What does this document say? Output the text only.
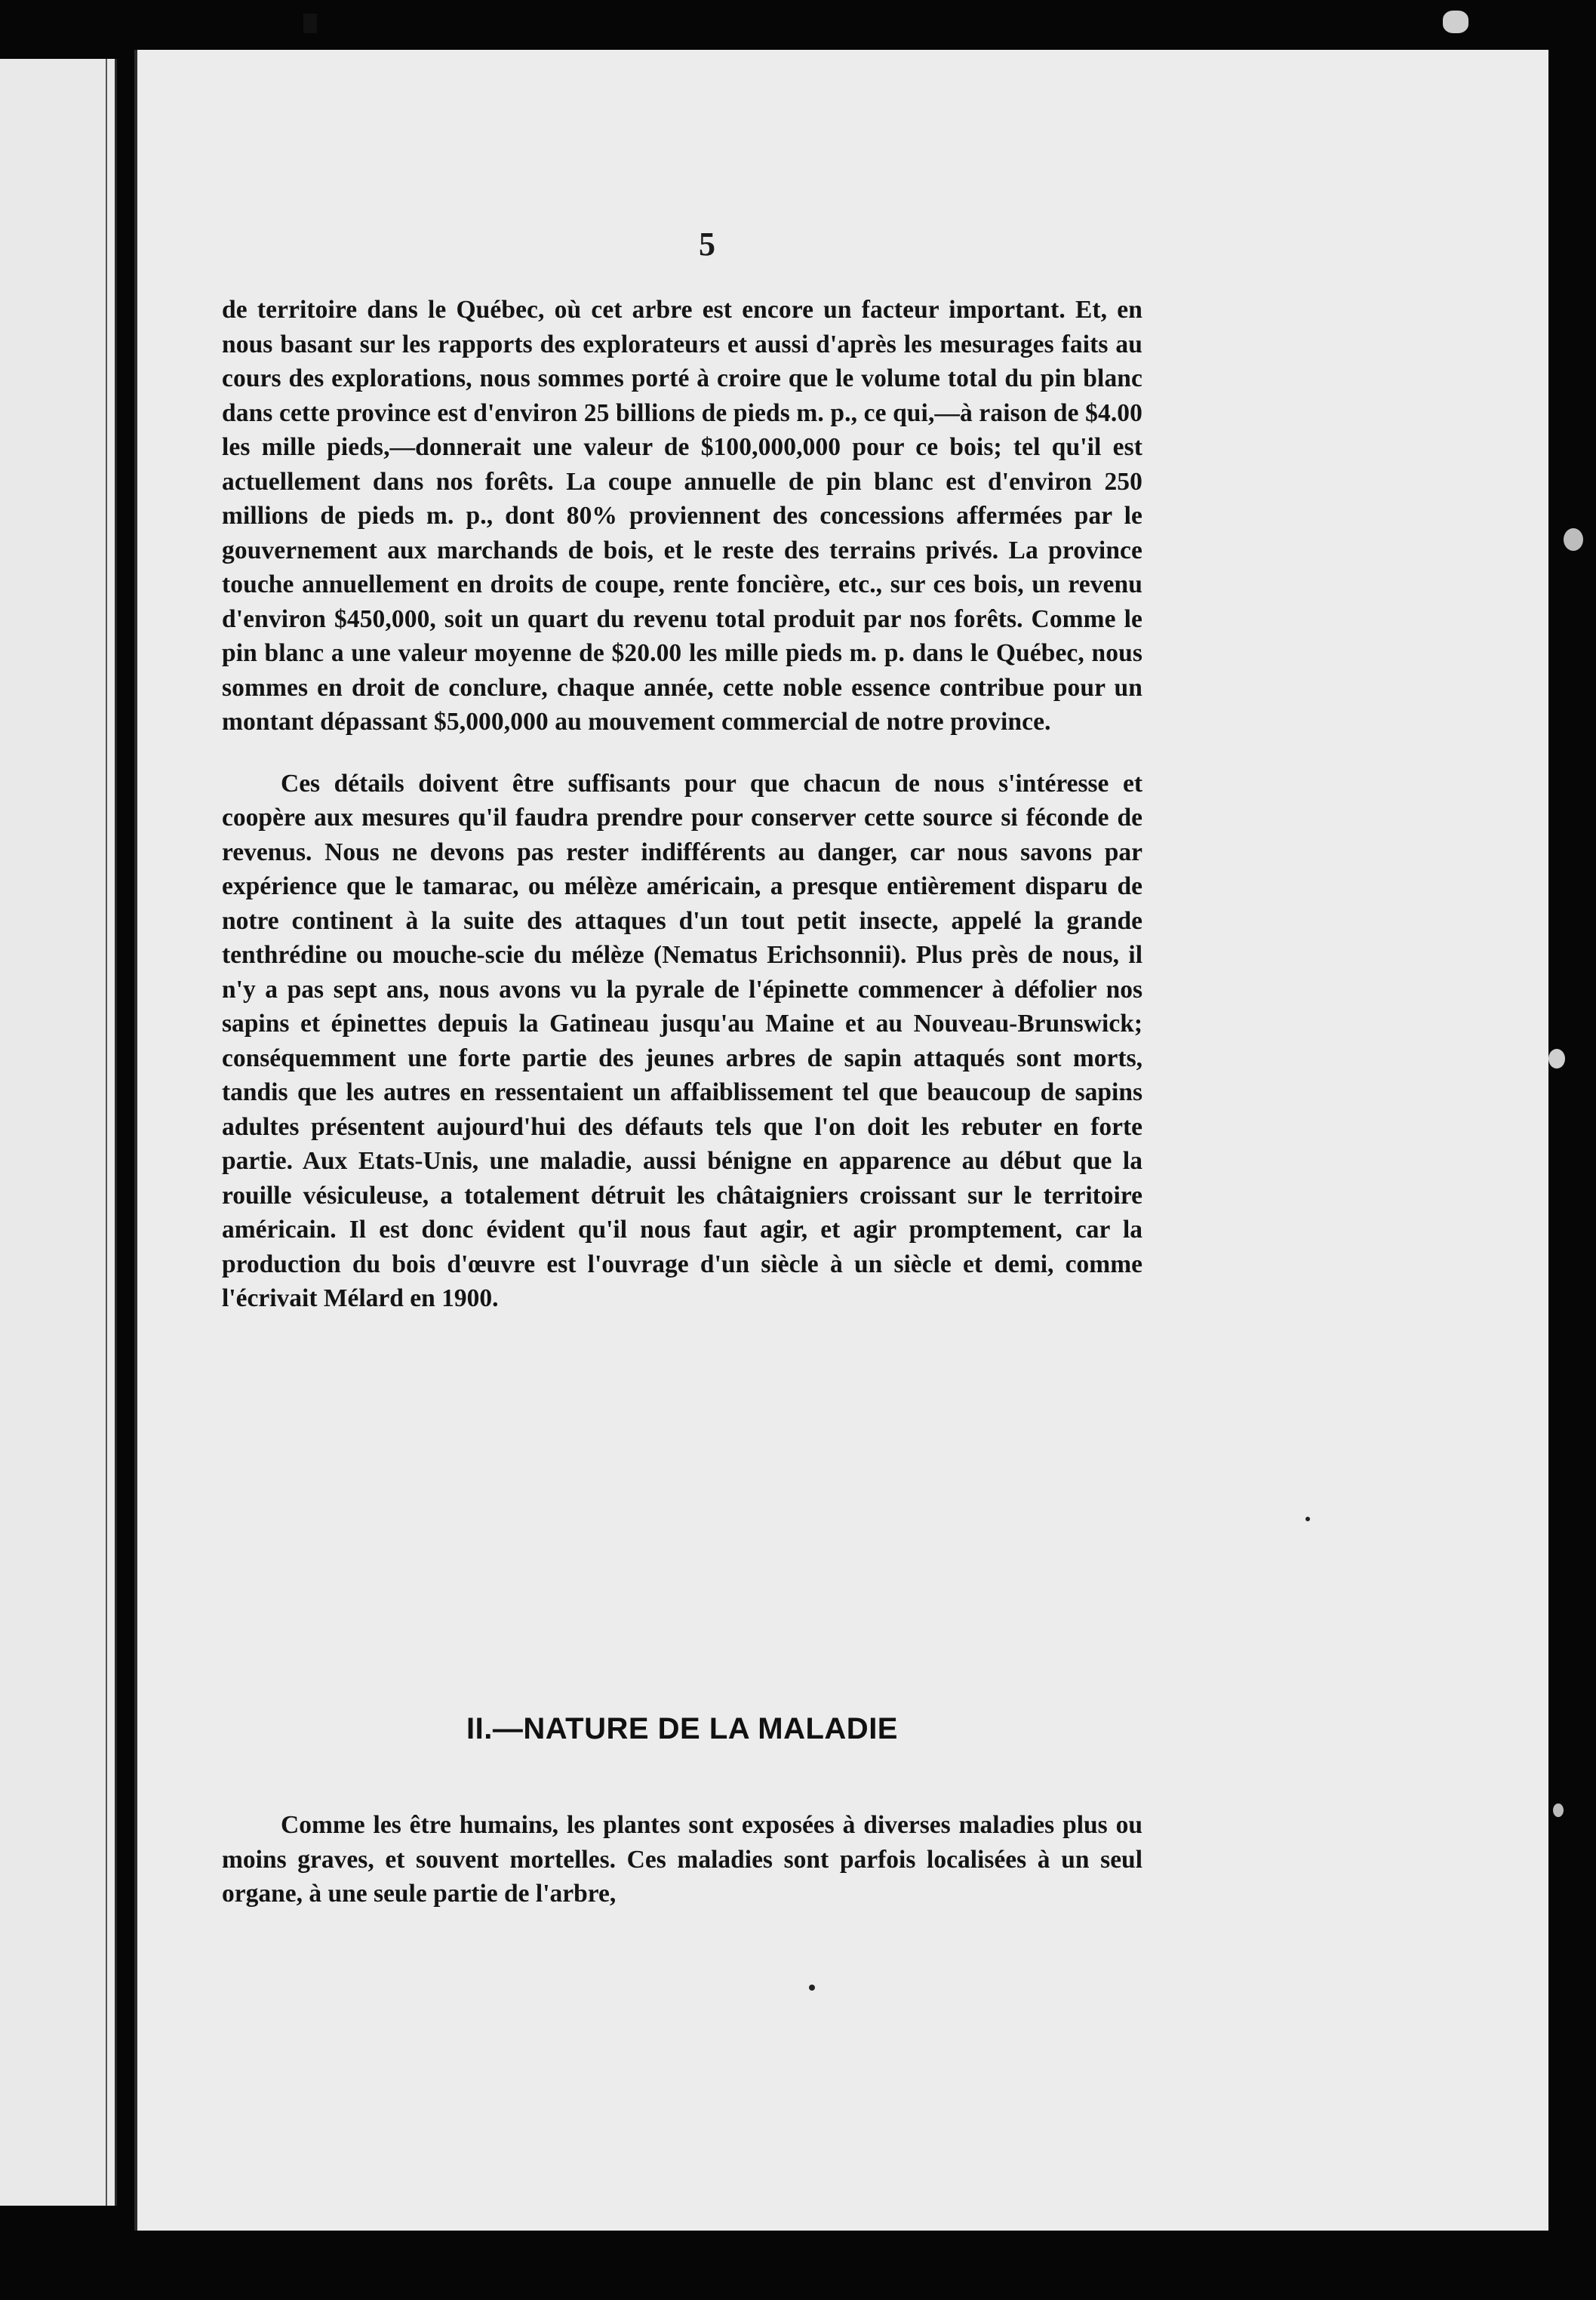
5

de territoire dans le Québec, où cet arbre est encore un facteur important. Et, en nous basant sur les rapports des explorateurs et aussi d'après les mesurages faits au cours des explorations, nous sommes porté à croire que le volume total du pin blanc dans cette province est d'environ 25 billions de pieds m. p., ce qui,—à raison de $4.00 les mille pieds,—donnerait une valeur de $100,000,000 pour ce bois; tel qu'il est actuellement dans nos forêts. La coupe annuelle de pin blanc est d'environ 250 millions de pieds m. p., dont 80% proviennent des concessions affermées par le gouvernement aux marchands de bois, et le reste des terrains privés. La province touche annuellement en droits de coupe, rente foncière, etc., sur ces bois, un revenu d'environ $450,000, soit un quart du revenu total produit par nos forêts. Comme le pin blanc a une valeur moyenne de $20.00 les mille pieds m. p. dans le Québec, nous sommes en droit de conclure, chaque année, cette noble essence contribue pour un montant dépassant $5,000,000 au mouvement commercial de notre province.

Ces détails doivent être suffisants pour que chacun de nous s'intéresse et coopère aux mesures qu'il faudra prendre pour conserver cette source si féconde de revenus. Nous ne devons pas rester indifférents au danger, car nous savons par expérience que le tamarac, ou mélèze américain, a presque entièrement disparu de notre continent à la suite des attaques d'un tout petit insecte, appelé la grande tenthrédine ou mouche-scie du mélèze (Nematus Erichsonnii). Plus près de nous, il n'y a pas sept ans, nous avons vu la pyrale de l'épinette commencer à défolier nos sapins et épinettes depuis la Gatineau jusqu'au Maine et au Nouveau-Brunswick; conséquemment une forte partie des jeunes arbres de sapin attaqués sont morts, tandis que les autres en ressentaient un affaiblissement tel que beaucoup de sapins adultes présentent aujourd'hui des défauts tels que l'on doit les rebuter en forte partie. Aux Etats-Unis, une maladie, aussi bénigne en apparence au début que la rouille vésiculeuse, a totalement détruit les châtaigniers croissant sur le territoire américain. Il est donc évident qu'il nous faut agir, et agir promptement, car la production du bois d'œuvre est l'ouvrage d'un siècle à un siècle et demi, comme l'écrivait Mélard en 1900.

II.—NATURE DE LA MALADIE

Comme les être humains, les plantes sont exposées à diverses maladies plus ou moins graves, et souvent mortelles. Ces maladies sont parfois localisées à un seul organe, à une seule partie de l'arbre,
